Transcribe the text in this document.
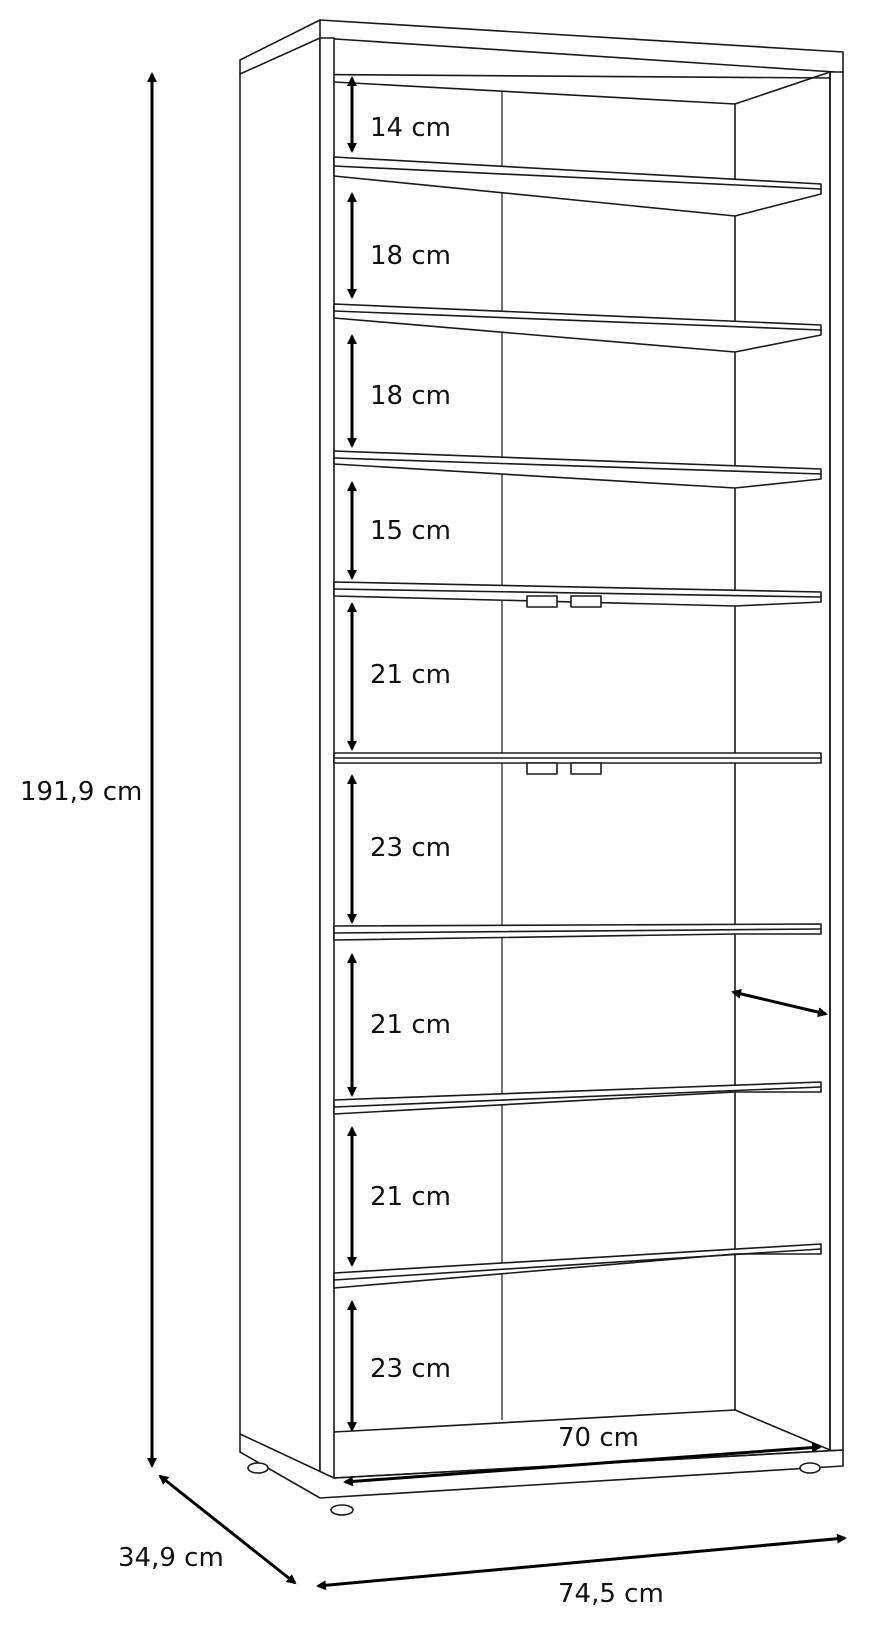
191,9 cm
34,9 cm
74,5 cm
70 cm
14 cm
18 cm
18 cm
15 cm
21 cm
23 cm
21 cm
21 cm
23 cm
